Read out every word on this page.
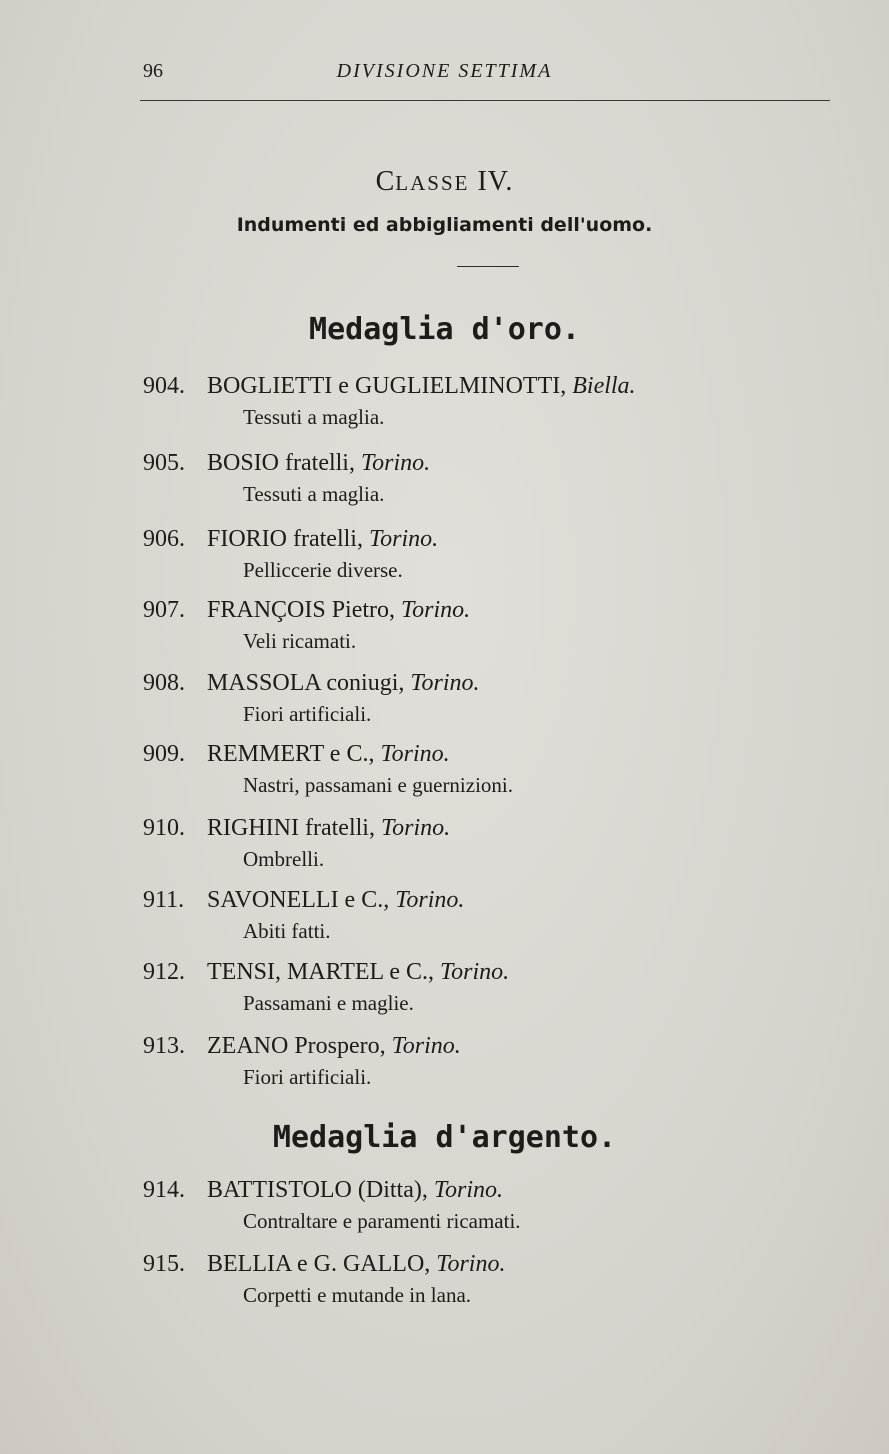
96	DIVISIONE SETTIMA
CLASSE IV.
Indumenti ed abbigliamenti dell'uomo.
Medaglia d'oro.
904. BOGLIETTI e GUGLIELMINOTTI, Biella.
Tessuti a maglia.
905. BOSIO fratelli, Torino.
Tessuti a maglia.
906. FIORIO fratelli, Torino.
Pelliccerie diverse.
907. FRANÇOIS Pietro, Torino.
Veli ricamati.
908. MASSOLA coniugi, Torino.
Fiori artificiali.
909. REMMERT e C., Torino.
Nastri, passamani e guernizioni.
910. RIGHINI fratelli, Torino.
Ombrelli.
911. SAVONELLI e C., Torino.
Abiti fatti.
912. TENSI, MARTEL e C., Torino.
Passamani e maglie.
913. ZEANO Prospero, Torino.
Fiori artificiali.
Medaglia d'argento.
914. BATTISTOLO (Ditta), Torino.
Contraltare e paramenti ricamati.
915. BELLIA e G. GALLO, Torino.
Corpetti e mutande in lana.
